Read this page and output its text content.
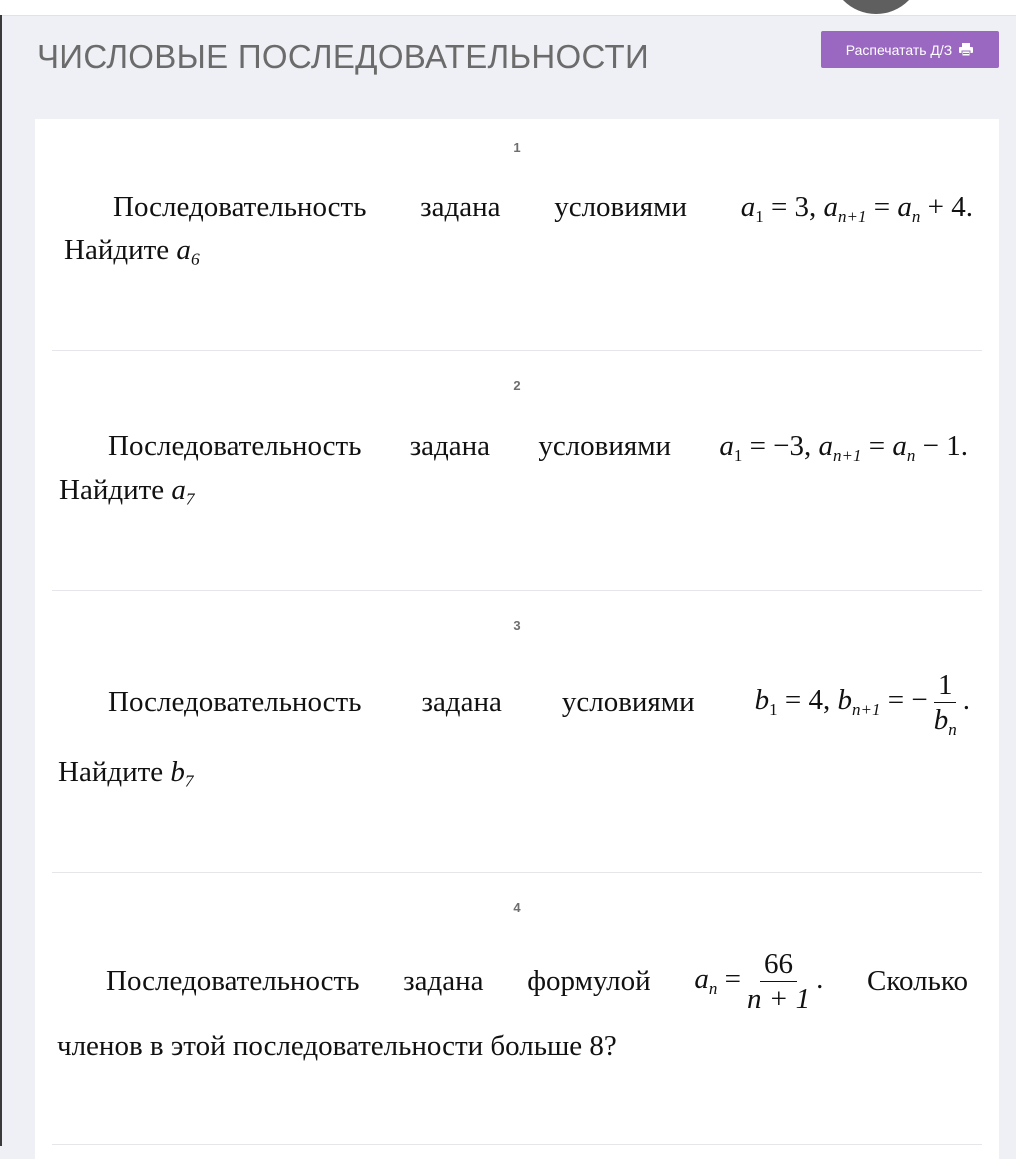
ЧИСЛОВЫЕ ПОСЛЕДОВАТЕЛЬНОСТИ	Распечатать Д/З
1
Последовательность задана условиями $a_1 = 3$, $a_{n+1} = a_n + 4$.
Найдите a₆
2
Последовательность задана условиями $a_1 = -3$, $a_{n+1} = a_n - 1$.
Найдите a₇
3
Последовательность задана условиями $b_1 = 4$, $b_{n+1}$ = − $\frac{1}{b_n}$ .
Найдите b₇
4
Последовательность задана формулой $a_n = \frac{66}{n + 1}$ . Сколько
членов в этой последовательности больше 8?
